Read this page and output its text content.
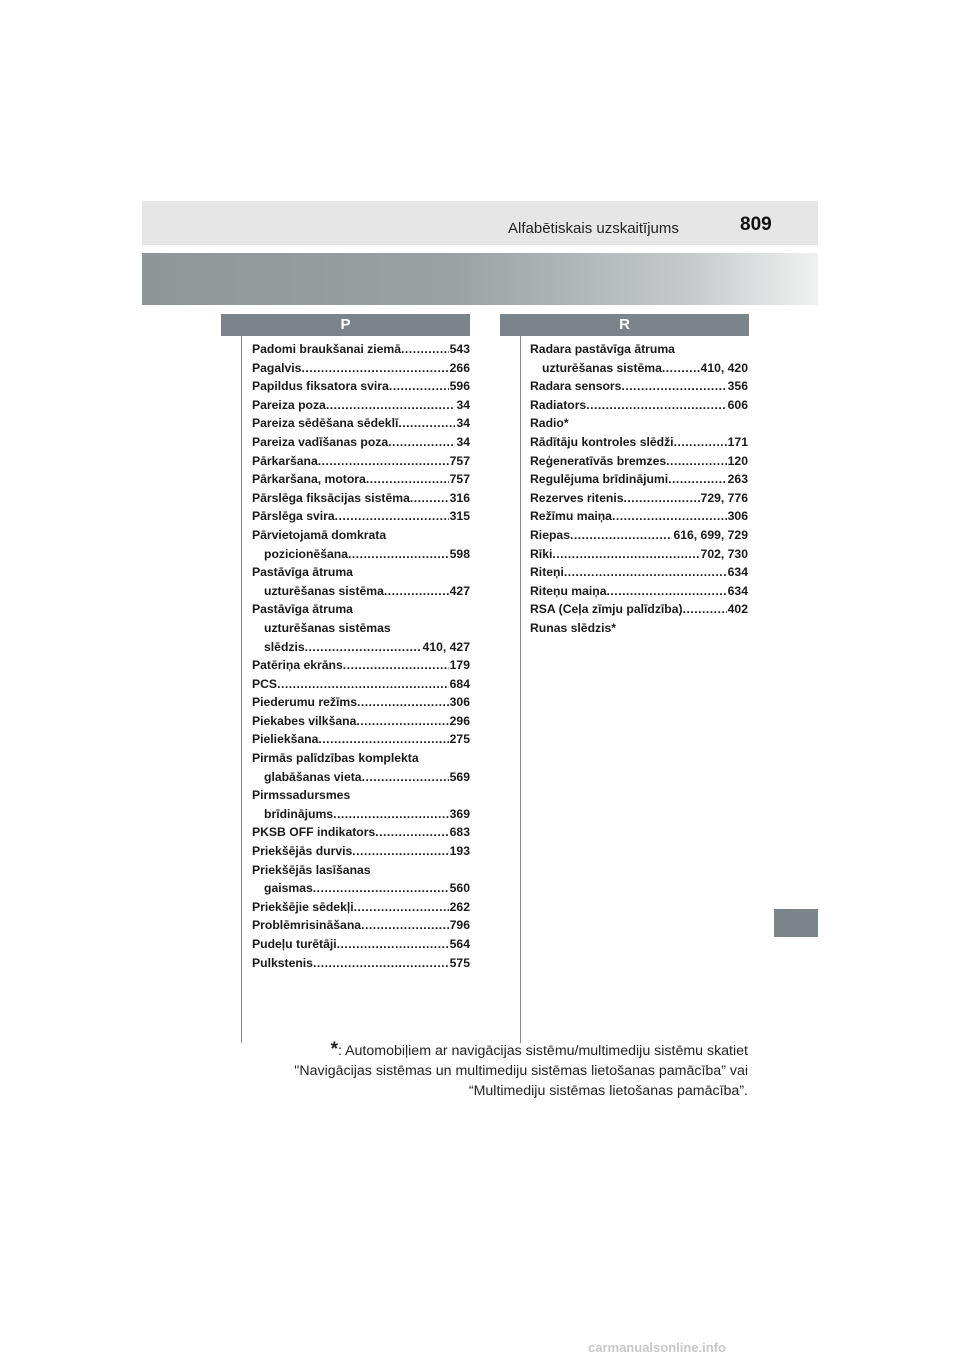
Alfabētiskais uzskaitījums	809
P	R
Padomi braukšanai ziemā .....	543
Pagalvis .....	266
Papildus fiksatora svira .....	596
Pareiza poza .....	34
Pareiza sēdēšana sēdeklī .....	34
Pareiza vadīšanas poza .....	34
Pārkaršana .....	757
Pārkaršana, motora .....	757
Pārslēga fiksācijas sistēma .....	316
Pārslēga svira .....	315
Pārvietojamā domkrata
pozicionēšana .....	598
Pastāvīga ātruma
uzturēšanas sistēma .....	427
Pastāvīga ātruma
uzturēšanas sistēmas
slēdzis .....	410, 427
Patēriņa ekrāns .....	179
PCS .....	684
Piederumu režīms .....	306
Piekabes vilkšana .....	296
Pieliekšana .....	275
Pirmās palīdzības komplekta
glabāšanas vieta .....	569
Pirmssadursmes
brīdinājums .....	369
PKSB OFF indikators .....	683
Priekšējās durvis .....	193
Priekšējās lasīšanas
gaismas .....	560
Priekšējie sēdekļi .....	262
Problēmrisināšana .....	796
Pudeļu turētāji .....	564
Pulkstenis .....	575
Radara pastāvīga ātruma
uzturēšanas sistēma .....	410, 420
Radara sensors .....	356
Radiators .....	606
Radio*
Rādītāju kontroles slēdži .....	171
Reģeneratīvās bremzes .....	120
Regulējuma brīdinājumi .....	263
Rezerves ritenis .....	729, 776
Režīmu maiņa .....	306
Riepas .....	616, 699, 729
Rīki .....	702, 730
Riteņi .....	634
Riteņu maiņa .....	634
RSA (Ceļa zīmju palīdzība) .....	402
Runas slēdzis*
*: Automobiļiem ar navigācijas sistēmu/multimediju sistēmu skatiet "Navigācijas sistēmas un multimediju sistēmas lietošanas pamācība” vai “Multimediju sistēmas lietošanas pamācība”.
carmanualsonline.info
